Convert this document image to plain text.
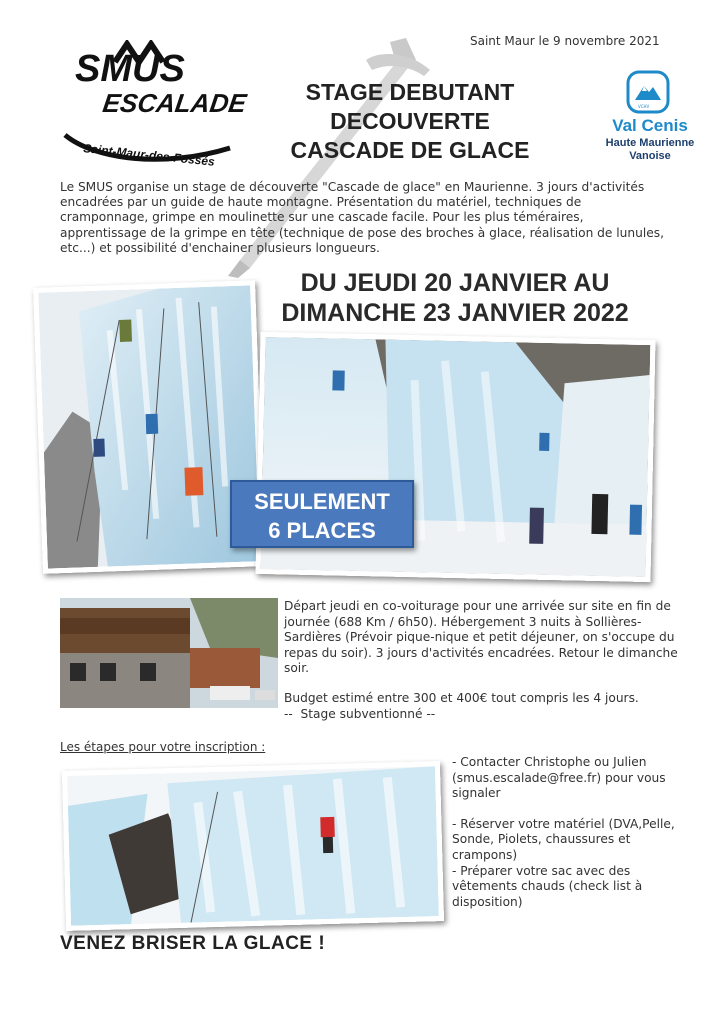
Saint Maur le 9 novembre 2021
SMUS
ESCALADE
Saint-Maur-des-Fossés
STAGE DEBUTANT
DECOUVERTE
CASCADE DE GLACE
VCHV
Val Cenis
Haute Maurienne
Vanoise
Le SMUS organise un stage de découverte "Cascade de glace" en Maurienne. 3 jours d'activités encadrées par un guide de haute montagne. Présentation du matériel, techniques de cramponnage, grimpe en moulinette sur une cascade facile. Pour les plus téméraires, apprentissage de la grimpe en tête (technique de pose des broches à glace, réalisation de lunules, etc...) et possibilité d'enchainer plusieurs longueurs.
DU JEUDI 20 JANVIER AU
DIMANCHE 23 JANVIER 2022
SEULEMENT
6 PLACES

Départ jeudi en co-voiturage pour une arrivée sur site en fin de journée (688 Km / 6h50). Hébergement 3 nuits à Sollières-Sardières (Prévoir pique-nique et petit déjeuner, on s'occupe du repas du soir). 3 jours d'activités encadrées. Retour le dimanche soir.

Budget estimé entre 300 et 400€ tout compris les 4 jours.
--  Stage subventionné --
Les étapes pour votre inscription :

- Contacter Christophe ou Julien (smus.escalade@free.fr) pour vous signaler

- Réserver votre matériel (DVA,Pelle, Sonde, Piolets, chaussures et crampons)

- Préparer votre sac avec des vêtements chauds (check list à disposition)

VENEZ BRISER LA GLACE !
